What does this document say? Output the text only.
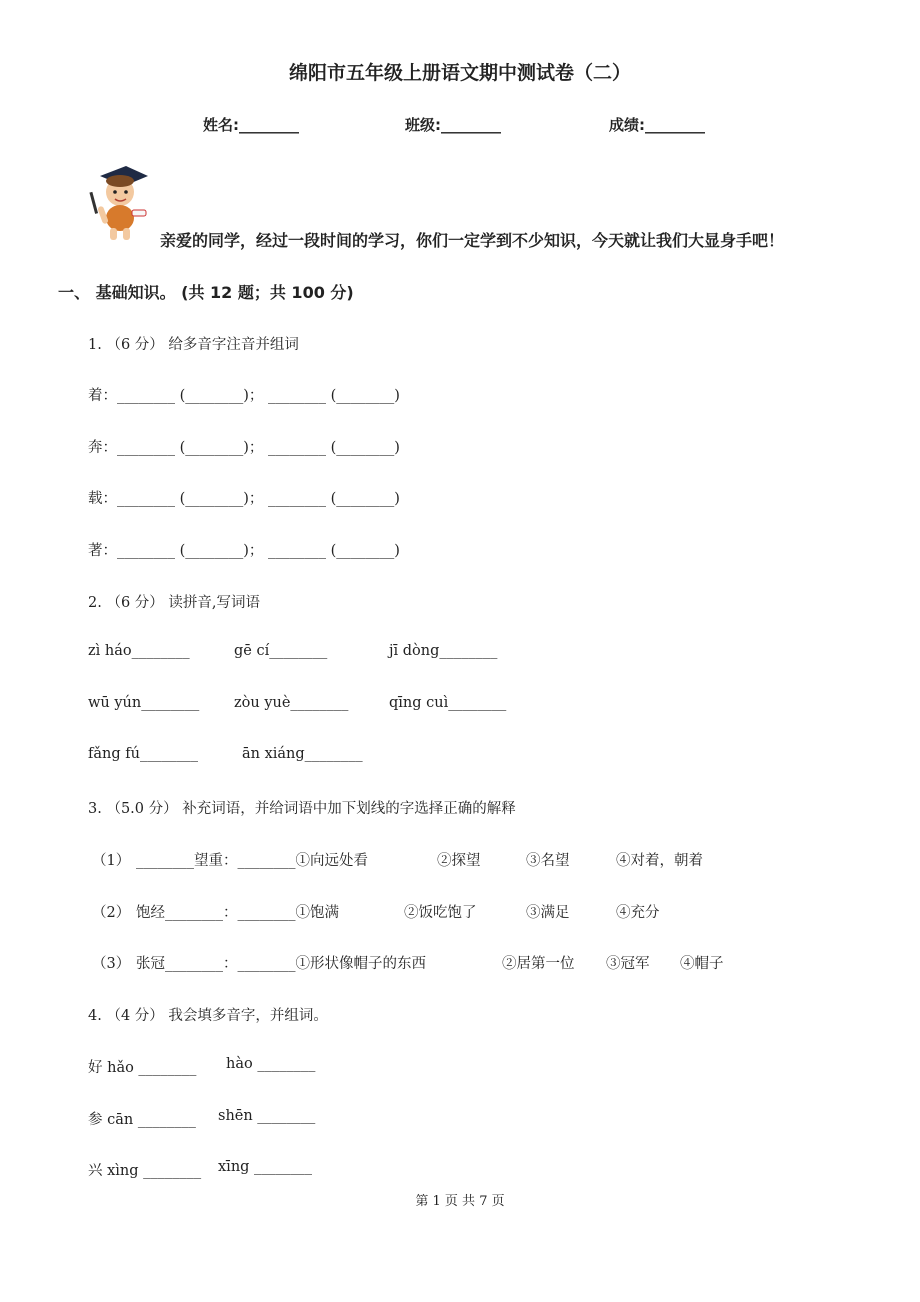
绵阳市五年级上册语文期中测试卷（二）
姓名:________	班级:________	成绩:________
亲爱的同学，经过一段时间的学习，你们一定学到不少知识，今天就让我们大显身手吧！
一、 基础知识。 (共 12 题；共 100 分)
1. （6 分） 给多音字注音并组词
着：________ (________)； ________ (________)
奔：________ (________)； ________ (________)
载：________ (________)； ________ (________)
著：________ (________)； ________ (________)
2. （6 分） 读拼音,写词语
zì háo________	gē cí________	jī dòng________
wū yún________ zòu yuè________	qīng cuì________
fǎng fú________	ān xiáng________
3. （5.0 分） 补充词语，并给词语中加下划线的字选择正确的解释
（1） ________望重：________①向远处看	②探望	③名望	④对着，朝着
（2） 饱经________：________①饱满	②饭吃饱了	③满足	④充分
（3） 张冠________：________①形状像帽子的东西	②居第一位 ③冠军 ④帽子
4. （4 分） 我会填多音字，并组词。
好 hǎo ________ hào ________
参 cān ________ shēn ________
兴 xìng ________ xīng ________
第 1 页 共 7 页
